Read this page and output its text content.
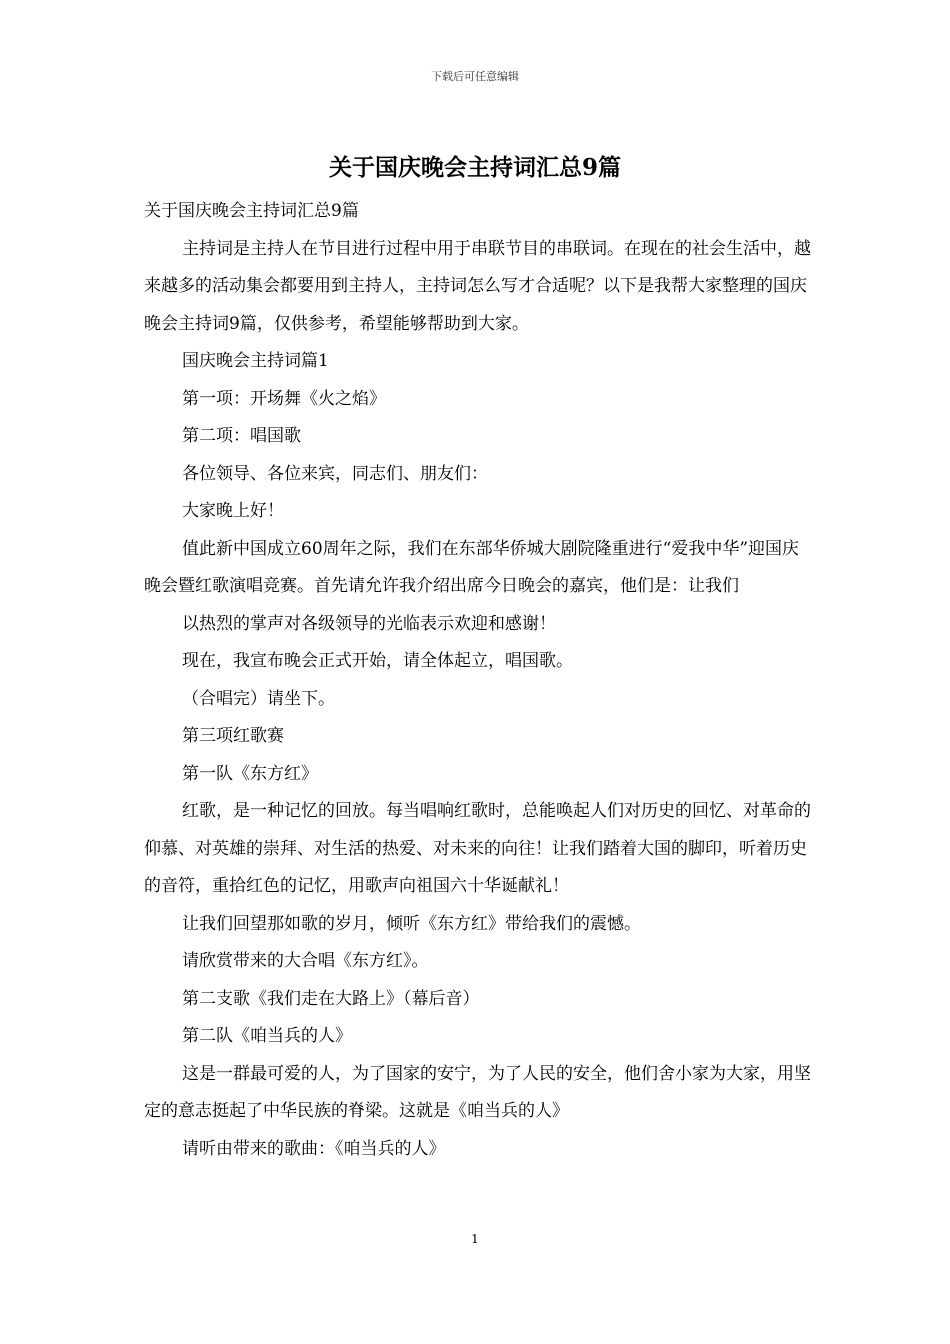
下载后可任意编辑
关于国庆晚会主持词汇总9篇

关于国庆晚会主持词汇总9篇

主持词是主持人在节目进行过程中用于串联节目的串联词。在现在的社会生活中，越来越多的活动集会都要用到主持人，主持词怎么写才合适呢？以下是我帮大家整理的国庆晚会主持词9篇，仅供参考，希望能够帮助到大家。

国庆晚会主持词篇1

第一项：开场舞《火之焰》

第二项：唱国歌

各位领导、各位来宾，同志们、朋友们：

大家晚上好！

值此新中国成立60周年之际，我们在东部华侨城大剧院隆重进行“爱我中华”迎国庆晚会暨红歌演唱竞赛。首先请允许我介绍出席今日晚会的嘉宾，他们是：让我们

以热烈的掌声对各级领导的光临表示欢迎和感谢！

现在，我宣布晚会正式开始，请全体起立，唱国歌。

（合唱完）请坐下。

第三项红歌赛

第一队《东方红》

红歌，是一种记忆的回放。每当唱响红歌时，总能唤起人们对历史的回忆、对革命的仰慕、对英雄的崇拜、对生活的热爱、对未来的向往！让我们踏着大国的脚印，听着历史的音符，重拾红色的记忆，用歌声向祖国六十华诞献礼！

让我们回望那如歌的岁月，倾听《东方红》带给我们的震憾。

请欣赏带来的大合唱《东方红》。

第二支歌《我们走在大路上》（幕后音）

第二队《咱当兵的人》

这是一群最可爱的人，为了国家的安宁，为了人民的安全，他们舍小家为大家，用坚定的意志挺起了中华民族的脊梁。这就是《咱当兵的人》

请听由带来的歌曲：《咱当兵的人》

1
